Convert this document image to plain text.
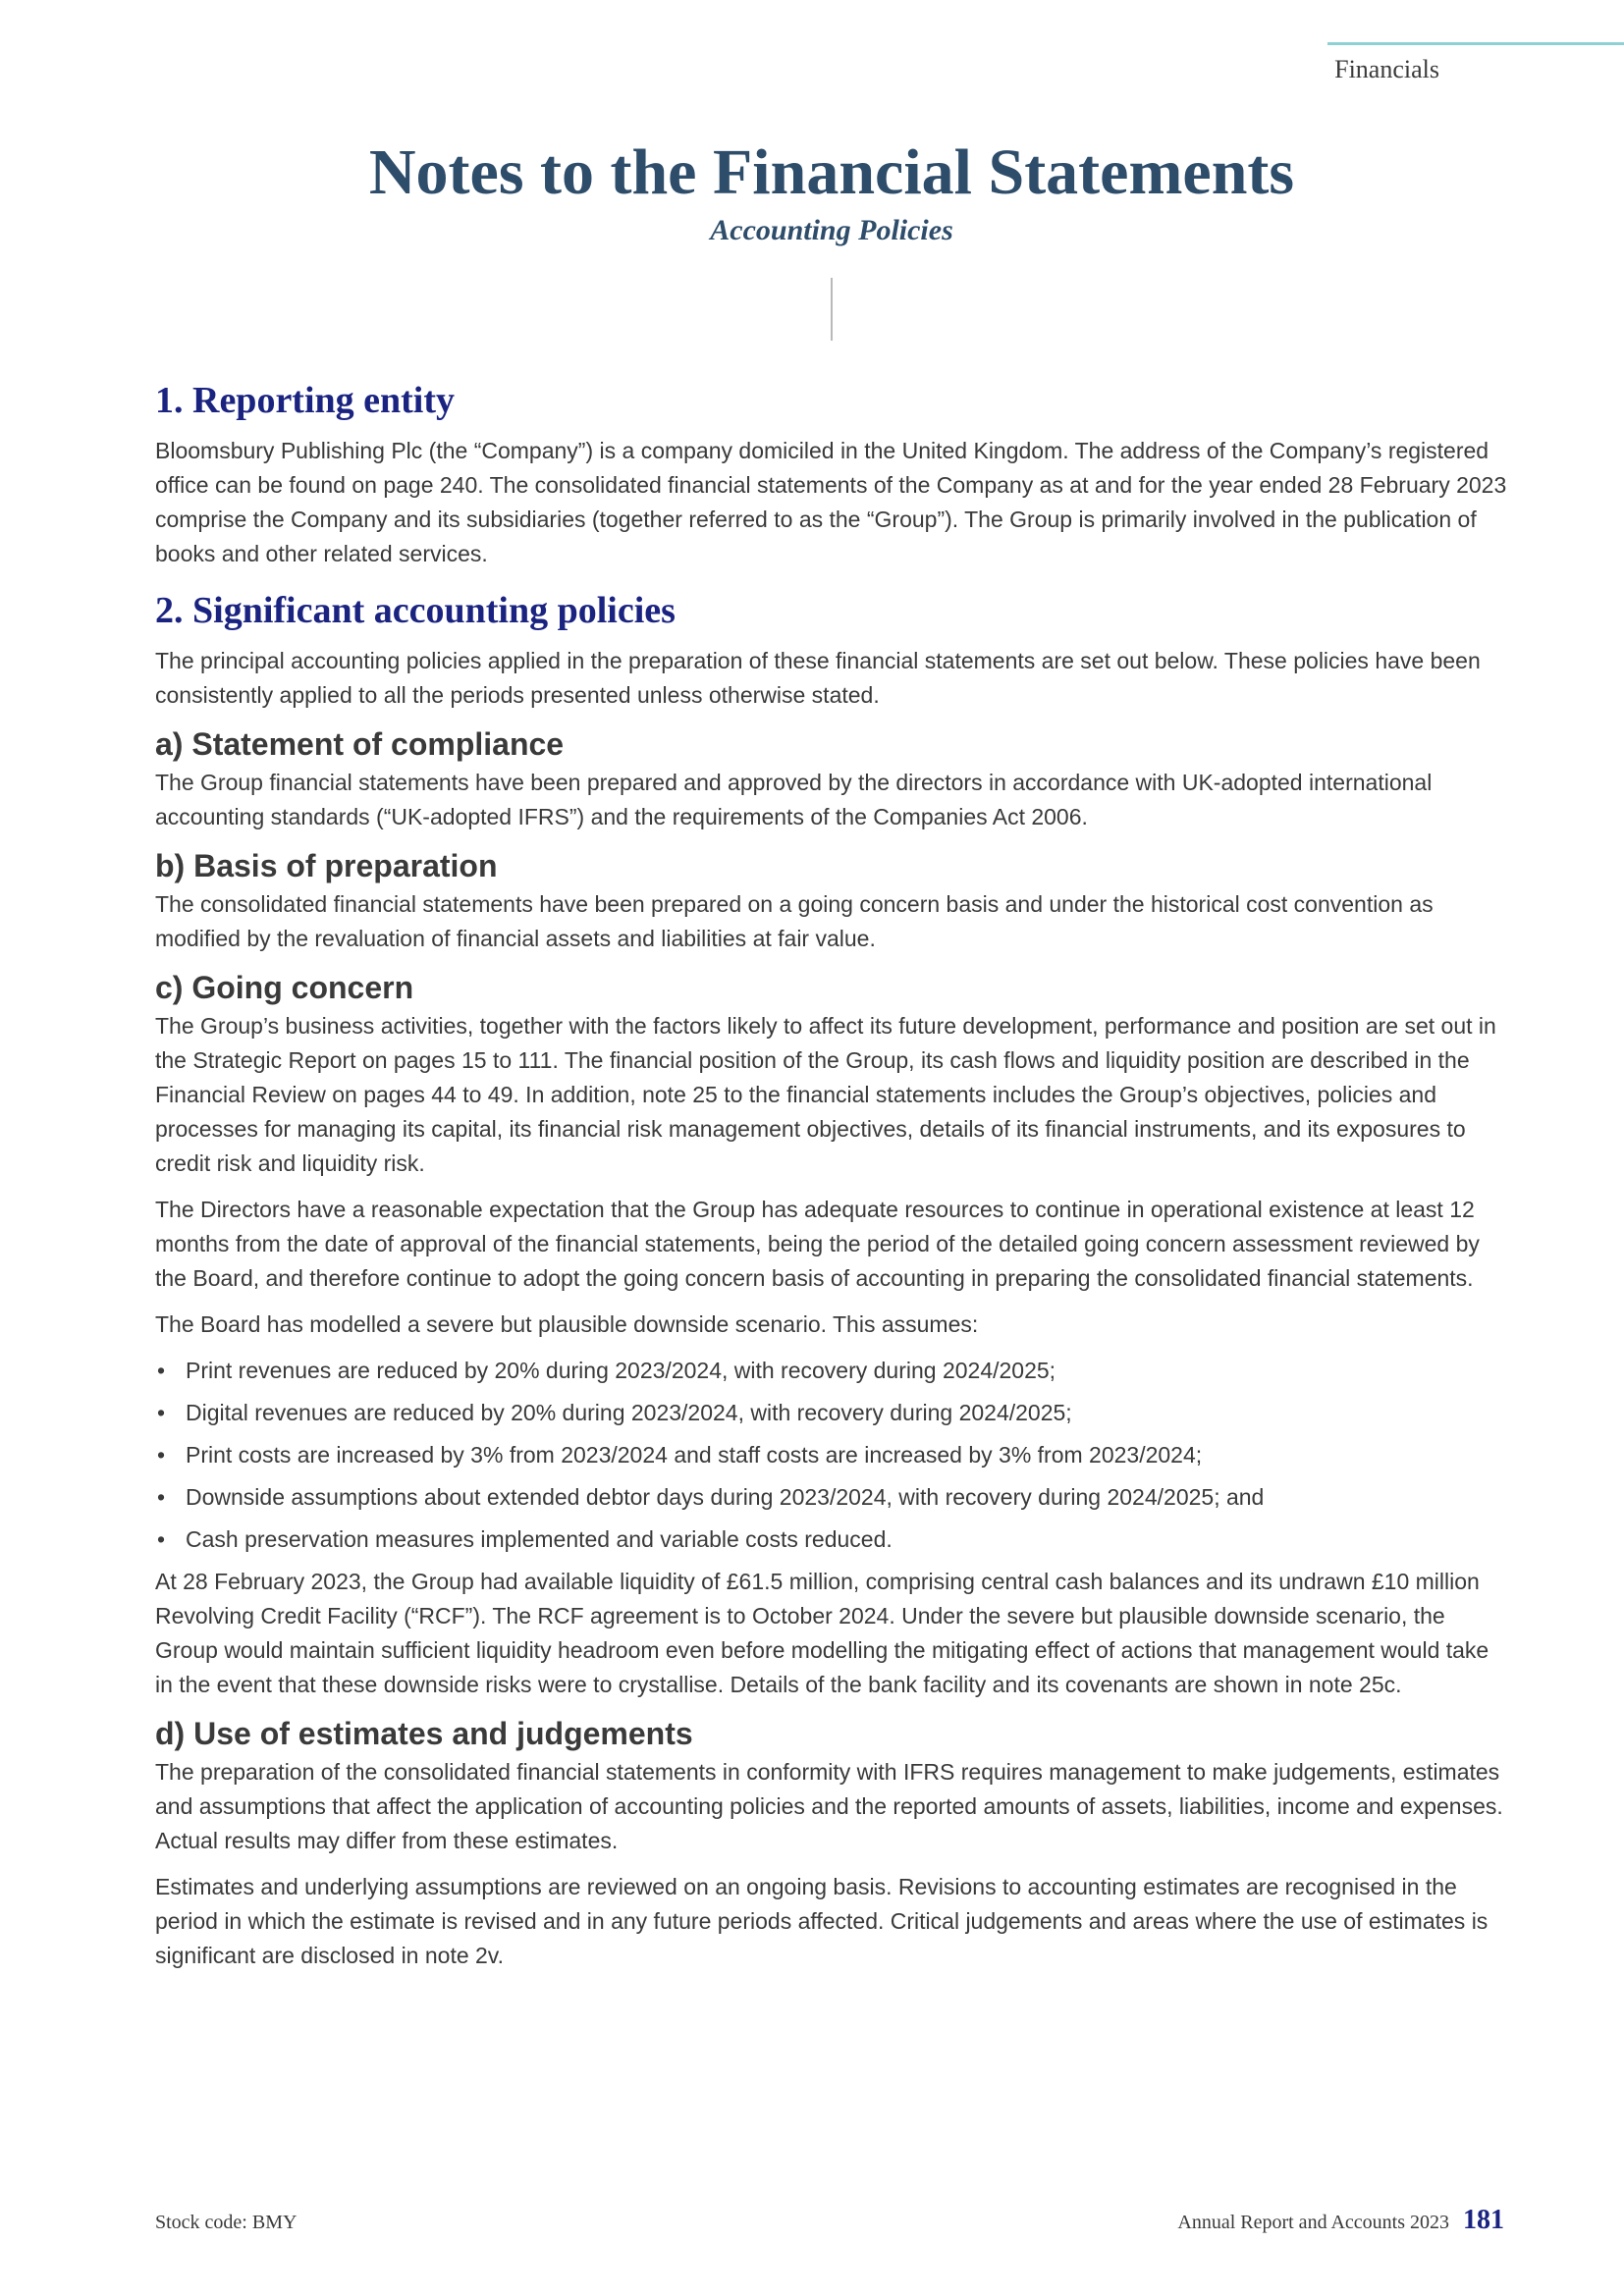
Financials
Notes to the Financial Statements
Accounting Policies
1. Reporting entity

Bloomsbury Publishing Plc (the “Company”) is a company domiciled in the United Kingdom. The address of the Company’s registered office can be found on page 240. The consolidated financial statements of the Company as at and for the year ended 28 February 2023 comprise the Company and its subsidiaries (together referred to as the “Group”). The Group is primarily involved in the publication of books and other related services.

2. Significant accounting policies

The principal accounting policies applied in the preparation of these financial statements are set out below. These policies have been consistently applied to all the periods presented unless otherwise stated.

a) Statement of compliance

The Group financial statements have been prepared and approved by the directors in accordance with UK-adopted international accounting standards (“UK-adopted IFRS”) and the requirements of the Companies Act 2006.

b) Basis of preparation

The consolidated financial statements have been prepared on a going concern basis and under the historical cost convention as modified by the revaluation of financial assets and liabilities at fair value.

c) Going concern

The Group’s business activities, together with the factors likely to affect its future development, performance and position are set out in the Strategic Report on pages 15 to 111. The financial position of the Group, its cash flows and liquidity position are described in the Financial Review on pages 44 to 49. In addition, note 25 to the financial statements includes the Group’s objectives, policies and processes for managing its capital, its financial risk management objectives, details of its financial instruments, and its exposures to credit risk and liquidity risk.

The Directors have a reasonable expectation that the Group has adequate resources to continue in operational existence at least 12 months from the date of approval of the financial statements, being the period of the detailed going concern assessment reviewed by the Board, and therefore continue to adopt the going concern basis of accounting in preparing the consolidated financial statements.

The Board has modelled a severe but plausible downside scenario. This assumes:

• Print revenues are reduced by 20% during 2023/2024, with recovery during 2024/2025;
• Digital revenues are reduced by 20% during 2023/2024, with recovery during 2024/2025;
• Print costs are increased by 3% from 2023/2024 and staff costs are increased by 3% from 2023/2024;
• Downside assumptions about extended debtor days during 2023/2024, with recovery during 2024/2025; and
• Cash preservation measures implemented and variable costs reduced.

At 28 February 2023, the Group had available liquidity of £61.5 million, comprising central cash balances and its undrawn £10 million Revolving Credit Facility (“RCF”). The RCF agreement is to October 2024. Under the severe but plausible downside scenario, the Group would maintain sufficient liquidity headroom even before modelling the mitigating effect of actions that management would take in the event that these downside risks were to crystallise. Details of the bank facility and its covenants are shown in note 25c.

d) Use of estimates and judgements

The preparation of the consolidated financial statements in conformity with IFRS requires management to make judgements, estimates and assumptions that affect the application of accounting policies and the reported amounts of assets, liabilities, income and expenses. Actual results may differ from these estimates.

Estimates and underlying assumptions are reviewed on an ongoing basis. Revisions to accounting estimates are recognised in the period in which the estimate is revised and in any future periods affected. Critical judgements and areas where the use of estimates is significant are disclosed in note 2v.

Stock code: BMY	Annual Report and Accounts 2023 181
